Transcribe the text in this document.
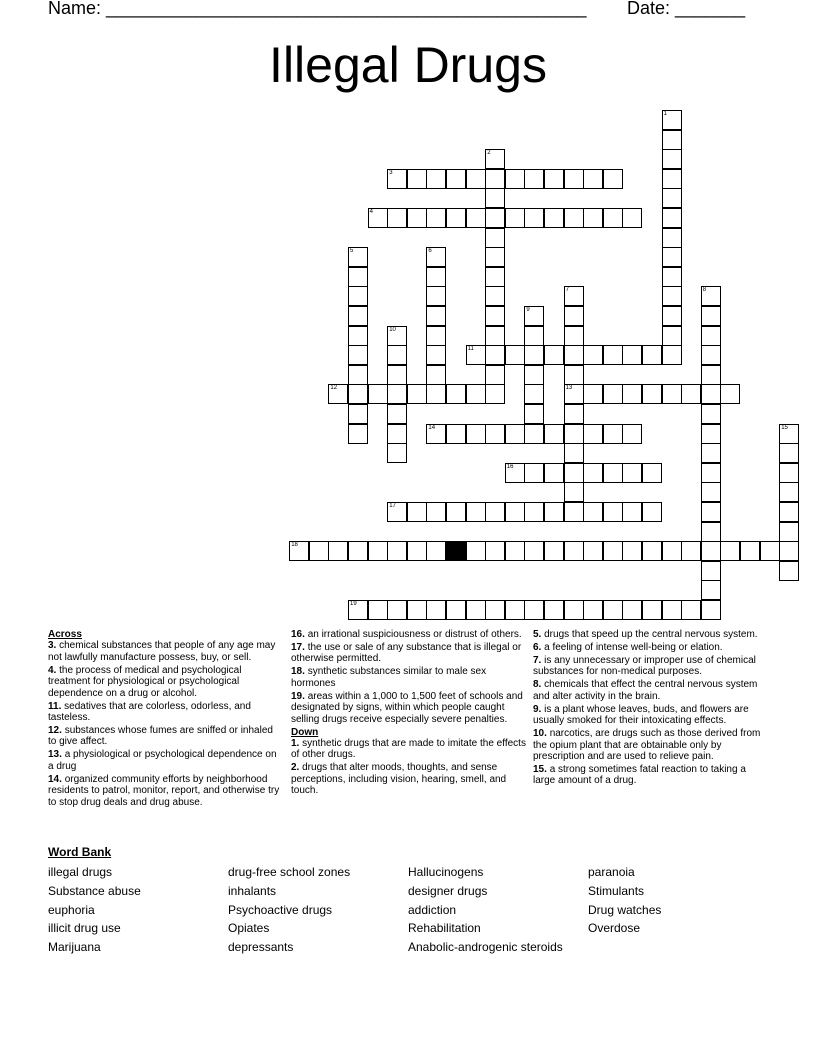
Name: ________________________________________________ Date: _______
Illegal Drugs
1
2
3
4
5	6
7
13
8
9
10
11
12
14	15
16
17
18
19
Across
3. chemical substances that people of any age may not lawfully manufacture possess, buy, or sell.
4. the process of medical and psychological treatment for physiological or psychological dependence on a drug or alcohol.
11. sedatives that are colorless, odorless, and tasteless.
12. substances whose fumes are sniffed or inhaled to give affect.
13. a physiological or psychological dependence on a drug
14. organized community efforts by neighborhood residents to patrol, monitor, report, and otherwise try to stop drug deals and drug abuse.
16. an irrational suspiciousness or distrust of others.
17. the use or sale of any substance that is illegal or otherwise permitted.
18. synthetic substances similar to male sex hormones
19. areas within a 1,000 to 1,500 feet of schools and designated by signs, within which people caught selling drugs receive especially severe penalties.
Down
1. synthetic drugs that are made to imitate the effects of other drugs.
2. drugs that alter moods, thoughts, and sense perceptions, including vision, hearing, smell, and touch.
5. drugs that speed up the central nervous system.
6. a feeling of intense well-being or elation.
7. is any unnecessary or improper use of chemical substances for non-medical purposes.
8. chemicals that effect the central nervous system and alter activity in the brain.
9. is a plant whose leaves, buds, and flowers are usually smoked for their intoxicating effects.
10. narcotics, are drugs such as those derived from the opium plant that are obtainable only by prescription and are used to relieve pain.
15. a strong sometimes fatal reaction to taking a large amount of a drug.
Word Bank
illegal drugs
Substance abuse
euphoria
illicit drug use
Marijuana
drug-free school zones
inhalants
Psychoactive drugs
Opiates
depressants
Hallucinogens
designer drugs
addiction
Rehabilitation
Anabolic-androgenic steroids
paranoia
Stimulants
Drug watches
Overdose
